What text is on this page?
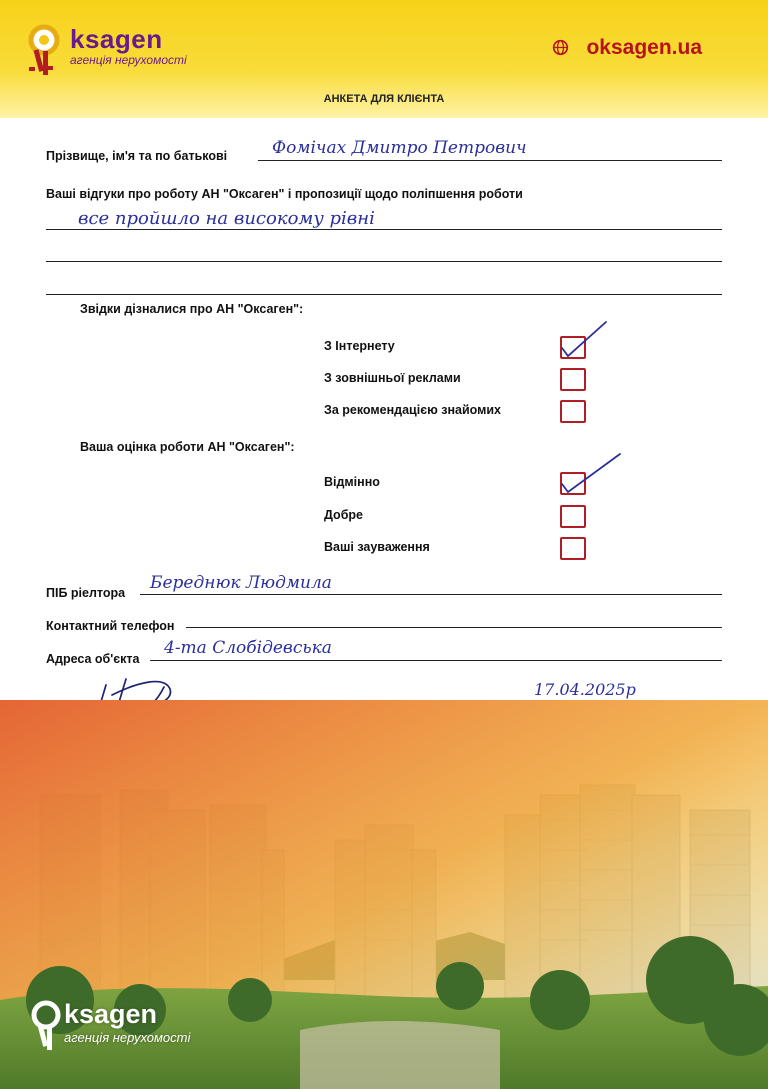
ksagen
агенція нерухомості
oksagen.ua
АНКЕТА ДЛЯ КЛІЄНТА
Прізвище, ім'я та по батькові	Фомічах Дмитро Петрович
Ваші відгуки про роботу АН "Оксаген" і пропозиції щодо поліпшення роботи
все пройшло на високому рівні
Звідки дізналися про АН "Оксаген":
З Інтернету
З зовнішньої реклами
За рекомендацією знайомих
Ваша оцінка роботи АН "Оксаген":
Відмінно
Добре
Ваші зауваження
ПІБ ріелтора Береднюк Людмила
Контактний телефон
Адреса об'єкта
4-та Слобідевська
17.04.2025р
ksagen
агенція нерухомості
